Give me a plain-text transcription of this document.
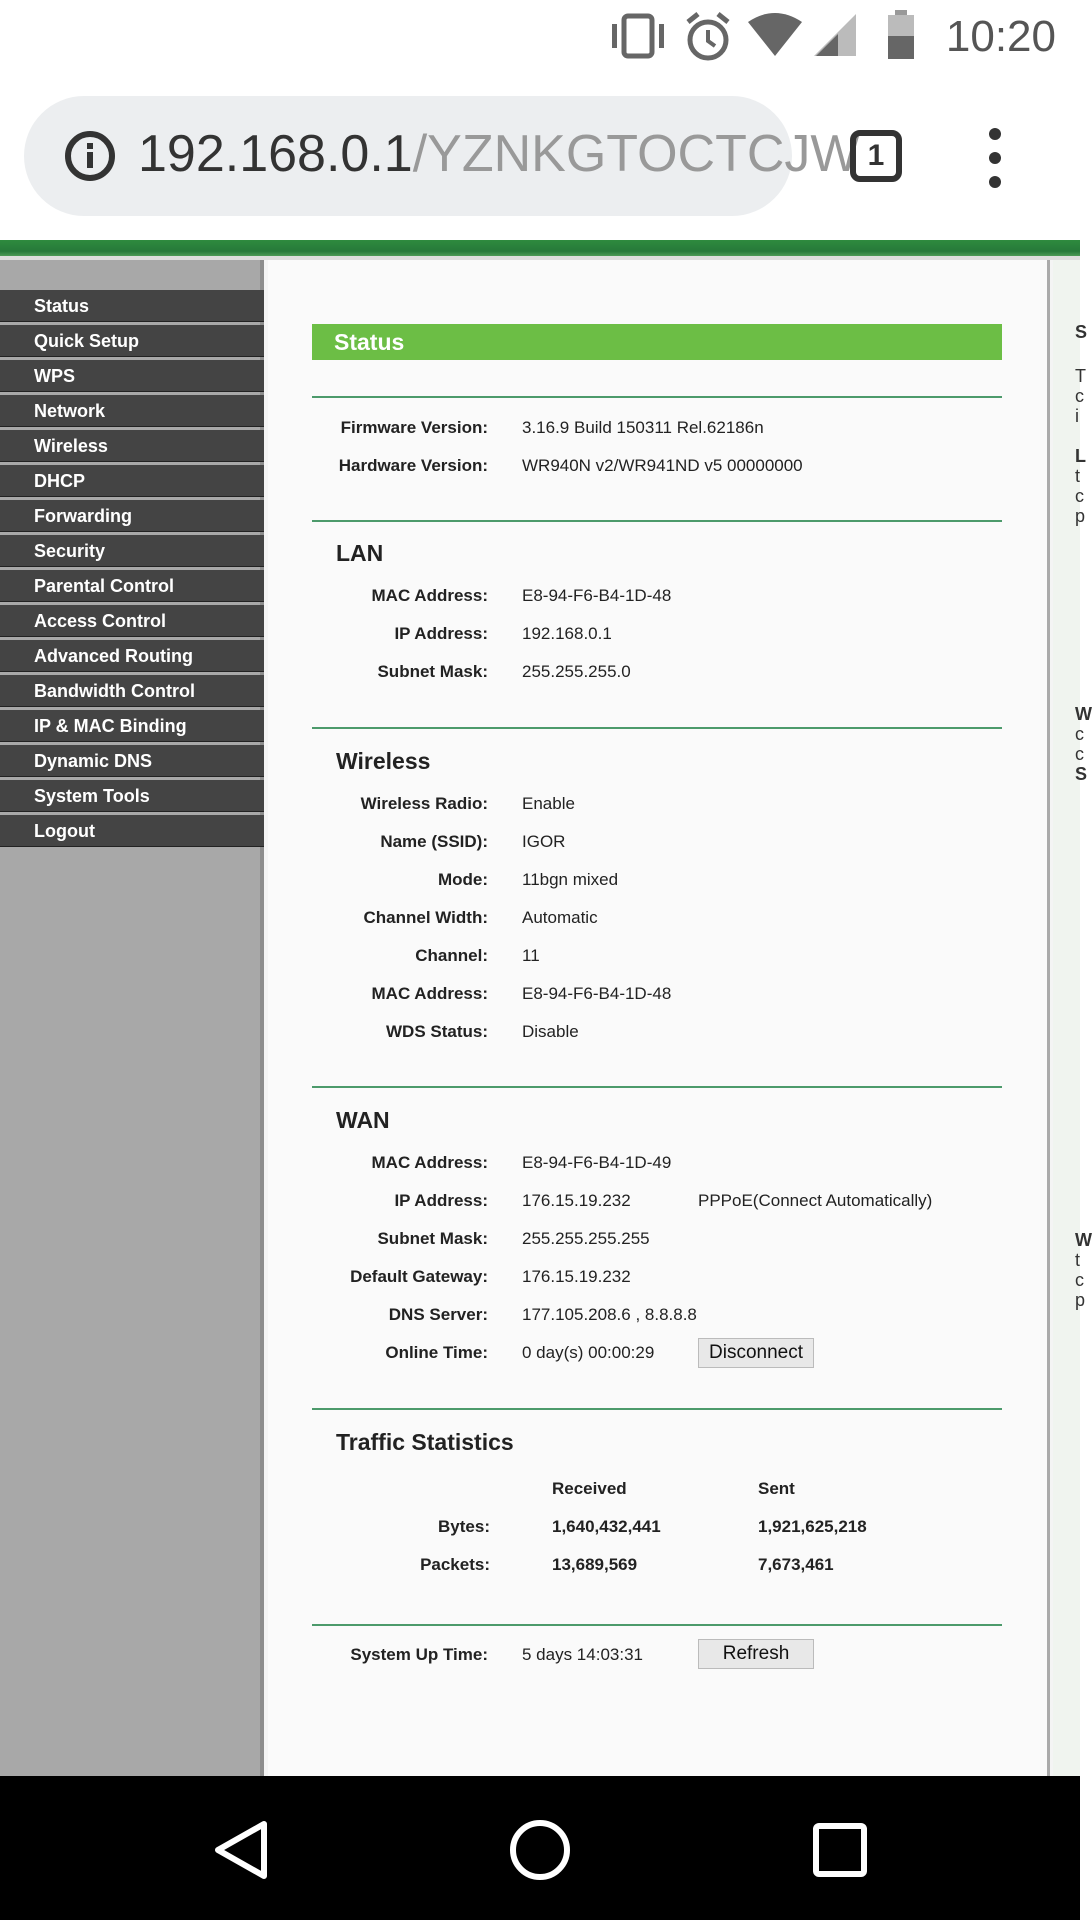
10:20
192.168.0.1/YZNKGTOCTCJW 1
Status
Quick Setup
WPS
Network
Wireless
DHCP
Forwarding
Security
Parental Control
Access Control
Advanced Routing
Bandwidth Control
IP & MAC Binding
Dynamic DNS
System Tools
Logout
Status
Firmware Version: 3.16.9 Build 150311 Rel.62186n
Hardware Version: WR940N v2/WR941ND v5 00000000
LAN
MAC Address: E8-94-F6-B4-1D-48
IP Address: 192.168.0.1
Subnet Mask: 255.255.255.0
Wireless
Wireless Radio: Enable
Name (SSID): IGOR
Mode: 11bgn mixed
Channel Width: Automatic
Channel: 11
MAC Address: E8-94-F6-B4-1D-48
WDS Status: Disable
WAN
MAC Address: E8-94-F6-B4-1D-49
IP Address: 176.15.19.232	PPPoE(Connect Automatically)
Subnet Mask: 255.255.255.255
Default Gateway: 176.15.19.232
DNS Server: 177.105.208.6 , 8.8.8.8
Online Time: 0 day(s) 00:00:29	Disconnect
Traffic Statistics
Received	Sent
Bytes:	1,640,432,441	1,921,625,218
Packets:	13,689,569	7,673,461
System Up Time: 5 days 14:03:31	Refresh
S
T
c
i
L
t
c
p
W
c
c
S
W
t
c
p
